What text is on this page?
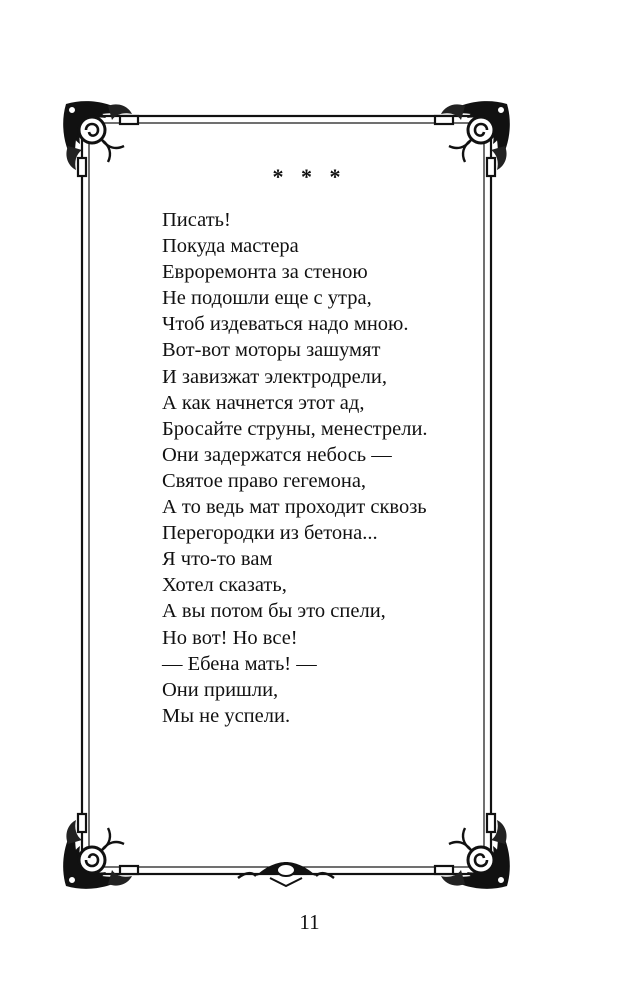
* * *
Писать!
Покуда мастера
Евроремонта за стеною
Не подошли еще с утра,
Чтоб издеваться надо мною.
Вот-вот моторы зашумят
И завизжат электродрели,
А как начнется этот ад,
Бросайте струны, менестрели.
Они задержатся небось —
Святое право гегемона,
А то ведь мат проходит сквозь
Перегородки из бетона...
Я что-то вам
Хотел сказать,
А вы потом бы это спели,
Но вот! Но все!
— Ебена мать! —
Они пришли,
Мы не успели.
11
